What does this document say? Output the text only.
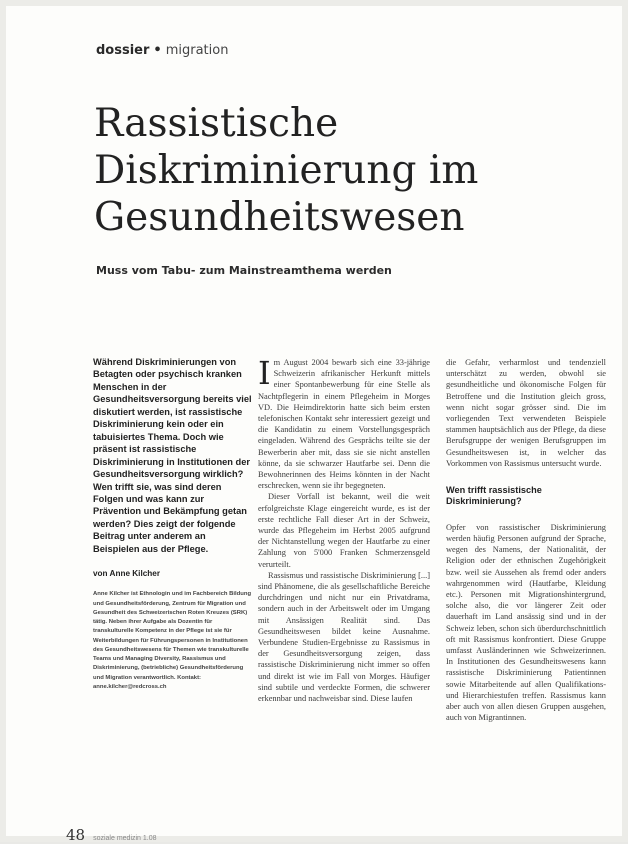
dossier • migration
Rassistische
Diskriminierung im
Gesundheitswesen
Muss vom Tabu- zum Mainstreamthema werden

Während Diskriminierungen von Betagten oder psychisch kranken Menschen in der Gesundheitsversorgung bereits viel diskutiert werden, ist rassistische Diskriminierung kein oder ein tabuisiertes Thema. Doch wie präsent ist rassistische Diskriminierung in Institutionen der Gesundheitsversorgung wirklich? Wen trifft sie, was sind deren Folgen und was kann zur Prävention und Bekämpfung getan werden? Dies zeigt der folgende Beitrag unter anderem an Beispielen aus der Pflege.

von Anne Kilcher

Anne Kilcher ist Ethnologin und im Fachbereich Bildung und Gesundheitsförderung, Zentrum für Migration und Gesundheit des Schweizerischen Roten Kreuzes (SRK) tätig. Neben ihrer Aufgabe als Dozentin für transkulturelle Kompetenz in der Pflege ist sie für Weiterbildungen für Führungspersonen in Institutionen des Gesundheitswesens für Themen wie transkulturelle Teams und Managing Diversity, Rassismus und Diskriminierung, (betriebliche) Gesundheitsförderung und Migration verantwortlich. Kontakt: anne.kilcher@redcross.ch

Im August 2004 bewarb sich eine 33-jährige Schweizerin afrikanischer Herkunft mittels einer Spontanbewerbung für eine Stelle als Nachtpflegerin in einem Pflegeheim in Morges VD. Die Heimdirektorin hatte sich beim ersten telefonischen Kontakt sehr interessiert gezeigt und die Kandidatin zu einem Vorstellungsgespräch eingeladen. Während des Gesprächs teilte sie der Bewerberin aber mit, dass sie sie nicht anstellen könne, da sie schwarzer Hautfarbe sei. Denn die Bewohnerinnen des Heims könnten in der Nacht erschrecken, wenn sie ihr begegneten.

Dieser Vorfall ist bekannt, weil die weit erfolgreichste Klage eingereicht wurde, es ist der erste rechtliche Fall dieser Art in der Schweiz, wurde das Pflegeheim im Herbst 2005 aufgrund der Nichtanstellung wegen der Hautfarbe zu einer Zahlung von 5'000 Franken Schmerzensgeld verurteilt.

Rassismus und rassistische Diskriminierung [...] sind Phänomene, die als gesellschaftliche Bereiche durchdringen und nicht nur ein Privatdrama, sondern auch in der Arbeitswelt oder im Umgang mit Ansässigen Realität sind. Das Gesundheitswesen bildet keine Ausnahme. Verbundene Studien-Ergebnisse zu Rassismus in der Gesundheitsversorgung zeigen, dass rassistische Diskriminierung nicht immer so offen und direkt ist wie im Fall von Morges. Häufiger sind subtile und verdeckte Formen, die schwerer erkennbar und nachweisbar sind. Diese laufen

die Gefahr, verharmlost und tendenziell unterschätzt zu werden, obwohl sie gesundheitliche und ökonomische Folgen für Betroffene und die Institution gleich gross, wenn nicht sogar grösser sind. Die im vorliegenden Text verwendeten Beispiele stammen hauptsächlich aus der Pflege, da diese Berufsgruppe der wenigen Berufsgruppen im Gesundheitswesen ist, in welcher das Vorkommen von Rassismus untersucht wurde.

Wen trifft rassistische Diskriminierung?

Opfer von rassistischer Diskriminierung werden häufig Personen aufgrund der Sprache, wegen des Namens, der Nationalität, der Religion oder der ethnischen Zugehörigkeit bzw. weil sie Aussehen als fremd oder anders wahrgenommen wird (Hautfarbe, Kleidung etc.). Personen mit Migrationshintergrund, solche also, die vor längerer Zeit oder dauerhaft im Land ansässig sind und in der Schweiz leben, schon sich überdurchschnittlich oft mit Rassismus konfrontiert. Diese Gruppe umfasst Ausländerinnen wie Schweizerinnen. In Institutionen des Gesundheitswesens kann rassistische Diskriminierung Patientinnen sowie Mitarbeitende auf allen Qualifikations- und Hierarchiestufen treffen. Rassismus kann aber auch von allen diesen Gruppen ausgehen, auch von Migrantinnen.

48 soziale medizin 1.08
